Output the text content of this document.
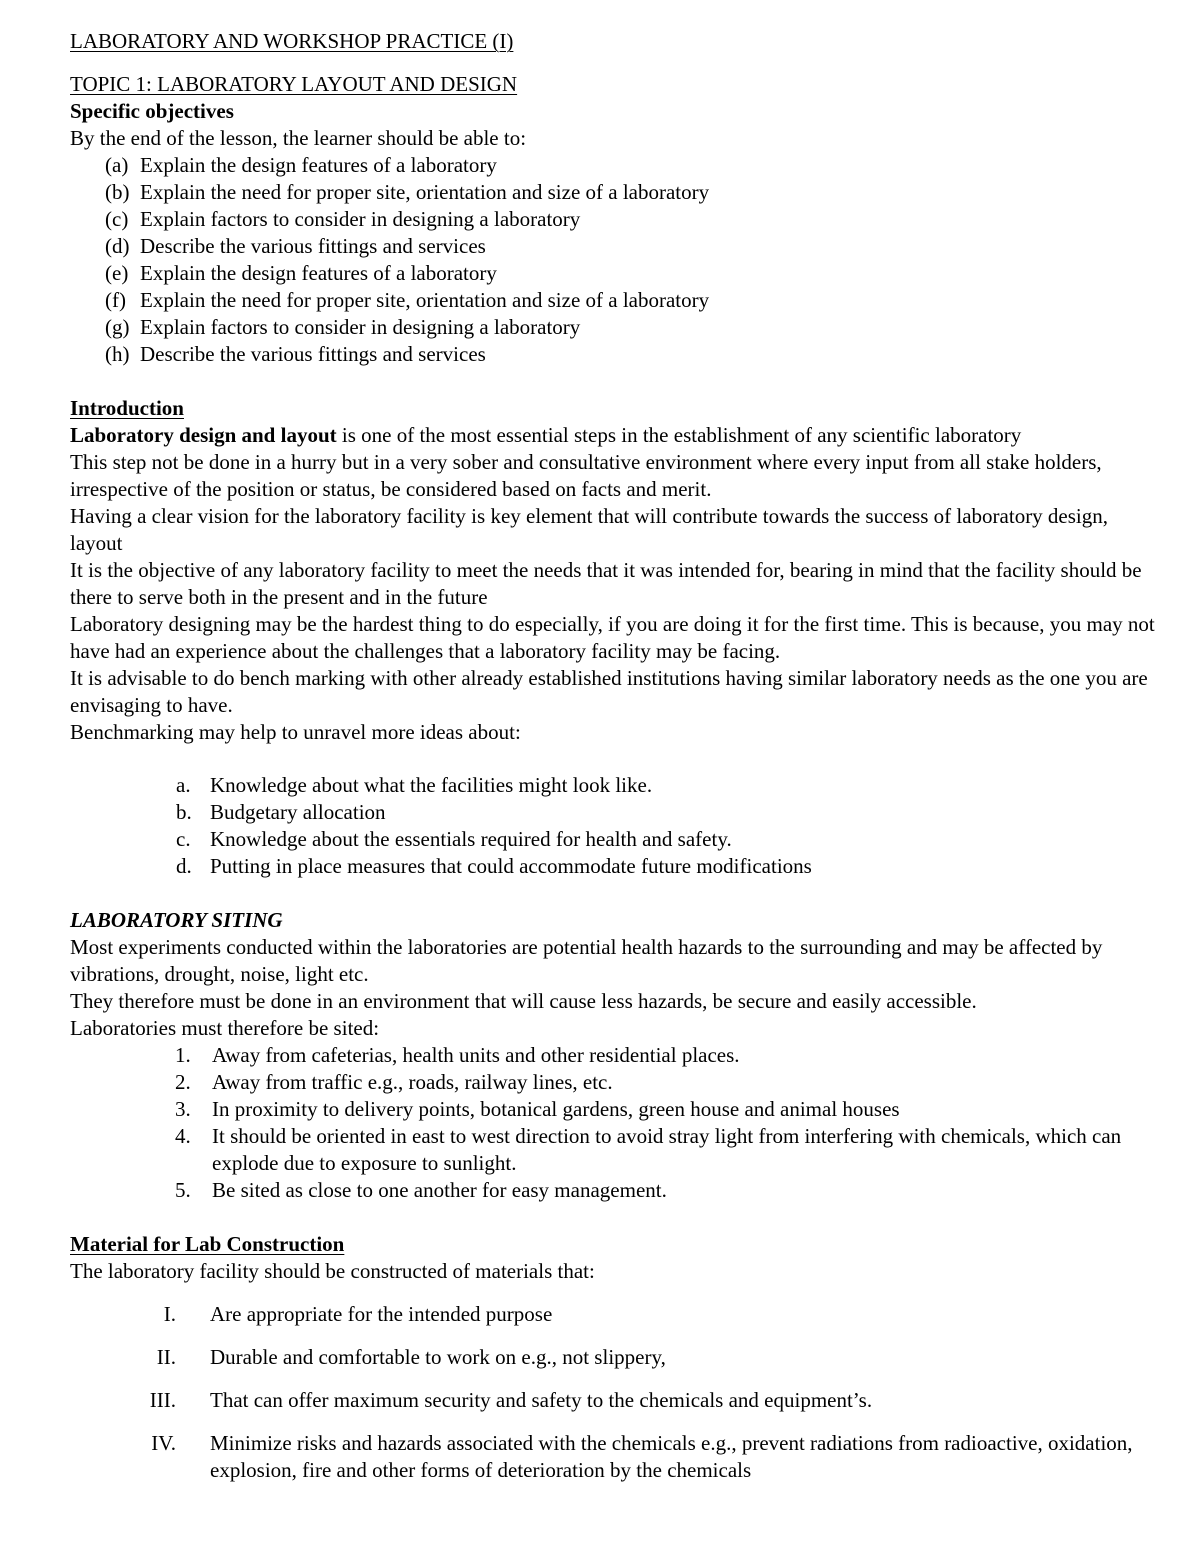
LABORATORY AND WORKSHOP PRACTICE (I)
TOPIC 1: LABORATORY LAYOUT AND DESIGN

Specific objectives

By the end of the lesson, the learner should be able to:

(a) Explain the design features of a laboratory
(b) Explain the need for proper site, orientation and size of a laboratory
(c) Explain factors to consider in designing a laboratory
(d) Describe the various fittings and services
(e) Explain the design features of a laboratory
(f) Explain the need for proper site, orientation and size of a laboratory
(g) Explain factors to consider in designing a laboratory
(h) Describe the various fittings and services

Introduction

Laboratory design and layout is one of the most essential steps in the establishment of any scientific laboratory

This step not be done in a hurry but in a very sober and consultative environment where every input from all stake holders, irrespective of the position or status, be considered based on facts and merit.

Having a clear vision for the laboratory facility is key element that will contribute towards the success of laboratory design, layout

It is the objective of any laboratory facility to meet the needs that it was intended for, bearing in mind that the facility should be there to serve both in the present and in the future

Laboratory designing may be the hardest thing to do especially, if you are doing it for the first time. This is because, you may not have had an experience about the challenges that a laboratory facility may be facing.

It is advisable to do bench marking with other already established institutions having similar laboratory needs as the one you are envisaging to have.

Benchmarking may help to unravel more ideas about:

a. Knowledge about what the facilities might look like.
b. Budgetary allocation
c. Knowledge about the essentials required for health and safety.
d. Putting in place measures that could accommodate future modifications

LABORATORY SITING

Most experiments conducted within the laboratories are potential health hazards to the surrounding and may be affected by vibrations, drought, noise, light etc.

They therefore must be done in an environment that will cause less hazards, be secure and easily accessible.

Laboratories must therefore be sited:

1. Away from cafeterias, health units and other residential places.
2. Away from traffic e.g., roads, railway lines, etc.
3. In proximity to delivery points, botanical gardens, green house and animal houses
4. It should be oriented in east to west direction to avoid stray light from interfering with chemicals, which can explode due to exposure to sunlight.
5. Be sited as close to one another for easy management.

Material for Lab Construction

The laboratory facility should be constructed of materials that:

I. Are appropriate for the intended purpose
II. Durable and comfortable to work on e.g., not slippery,
III. That can offer maximum security and safety to the chemicals and equipment’s.
IV. Minimize risks and hazards associated with the chemicals e.g., prevent radiations from radioactive, oxidation, explosion, fire and other forms of deterioration by the chemicals
